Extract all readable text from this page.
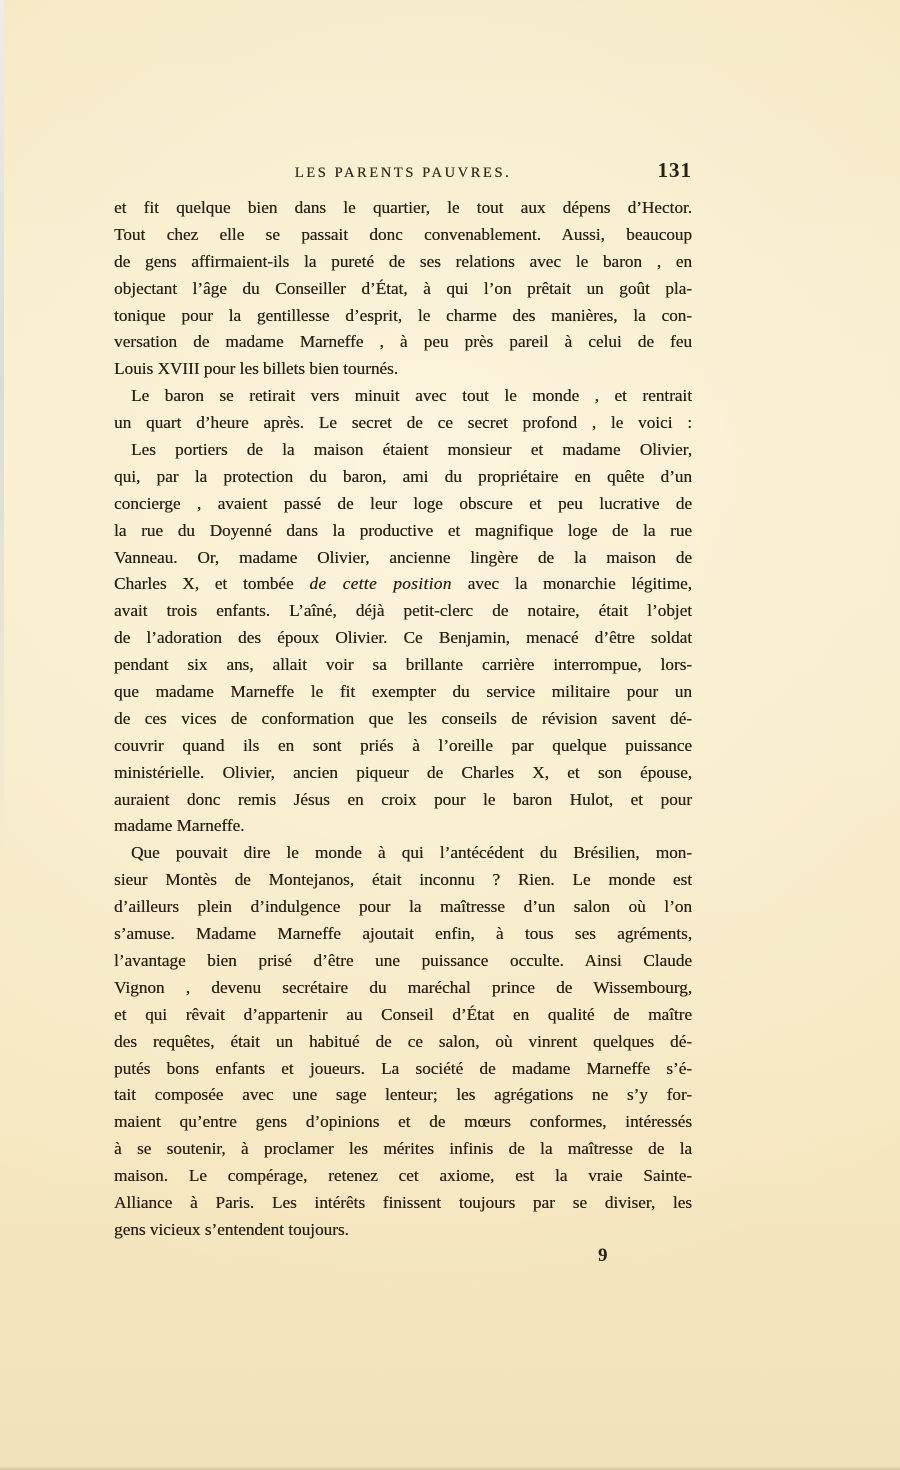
LES PARENTS PAUVRES.	131
et fit quelque bien dans le quartier, le tout aux dépens d’Hector.
Tout chez elle se passait donc convenablement. Aussi, beaucoup
de gens affirmaient-ils la pureté de ses relations avec le baron , en
objectant l’âge du Conseiller d’État, à qui l’on prêtait un goût pla-
tonique pour la gentillesse d’esprit, le charme des manières, la con-
versation de madame Marneffe , à peu près pareil à celui de feu
Louis XVIII pour les billets bien tournés.
Le baron se retirait vers minuit avec tout le monde , et rentrait
un quart d’heure après. Le secret de ce secret profond , le voici :
Les portiers de la maison étaient monsieur et madame Olivier,
qui, par la protection du baron, ami du propriétaire en quête d’un
concierge , avaient passé de leur loge obscure et peu lucrative de
la rue du Doyenné dans la productive et magnifique loge de la rue
Vanneau. Or, madame Olivier, ancienne lingère de la maison de
Charles X, et tombée de cette position avec la monarchie légitime,
avait trois enfants. L’aîné, déjà petit-clerc de notaire, était l’objet
de l’adoration des époux Olivier. Ce Benjamin, menacé d’être soldat
pendant six ans, allait voir sa brillante carrière interrompue, lors-
que madame Marneffe le fit exempter du service militaire pour un
de ces vices de conformation que les conseils de révision savent dé-
couvrir quand ils en sont priés à l’oreille par quelque puissance
ministérielle. Olivier, ancien piqueur de Charles X, et son épouse,
auraient donc remis Jésus en croix pour le baron Hulot, et pour
madame Marneffe.
Que pouvait dire le monde à qui l’antécédent du Brésilien, mon-
sieur Montès de Montejanos, était inconnu ? Rien. Le monde est
d’ailleurs plein d’indulgence pour la maîtresse d’un salon où l’on
s’amuse. Madame Marneffe ajoutait enfin, à tous ses agréments,
l’avantage bien prisé d’être une puissance occulte. Ainsi Claude
Vignon , devenu secrétaire du maréchal prince de Wissembourg,
et qui rêvait d’appartenir au Conseil d’État en qualité de maître
des requêtes, était un habitué de ce salon, où vinrent quelques dé-
putés bons enfants et joueurs. La société de madame Marneffe s’é-
tait composée avec une sage lenteur; les agrégations ne s’y for-
maient qu’entre gens d’opinions et de mœurs conformes, intéressés
à se soutenir, à proclamer les mérites infinis de la maîtresse de la
maison. Le compérage, retenez cet axiome, est la vraie Sainte-
Alliance à Paris. Les intérêts finissent toujours par se diviser, les
gens vicieux s’entendent toujours.
9
